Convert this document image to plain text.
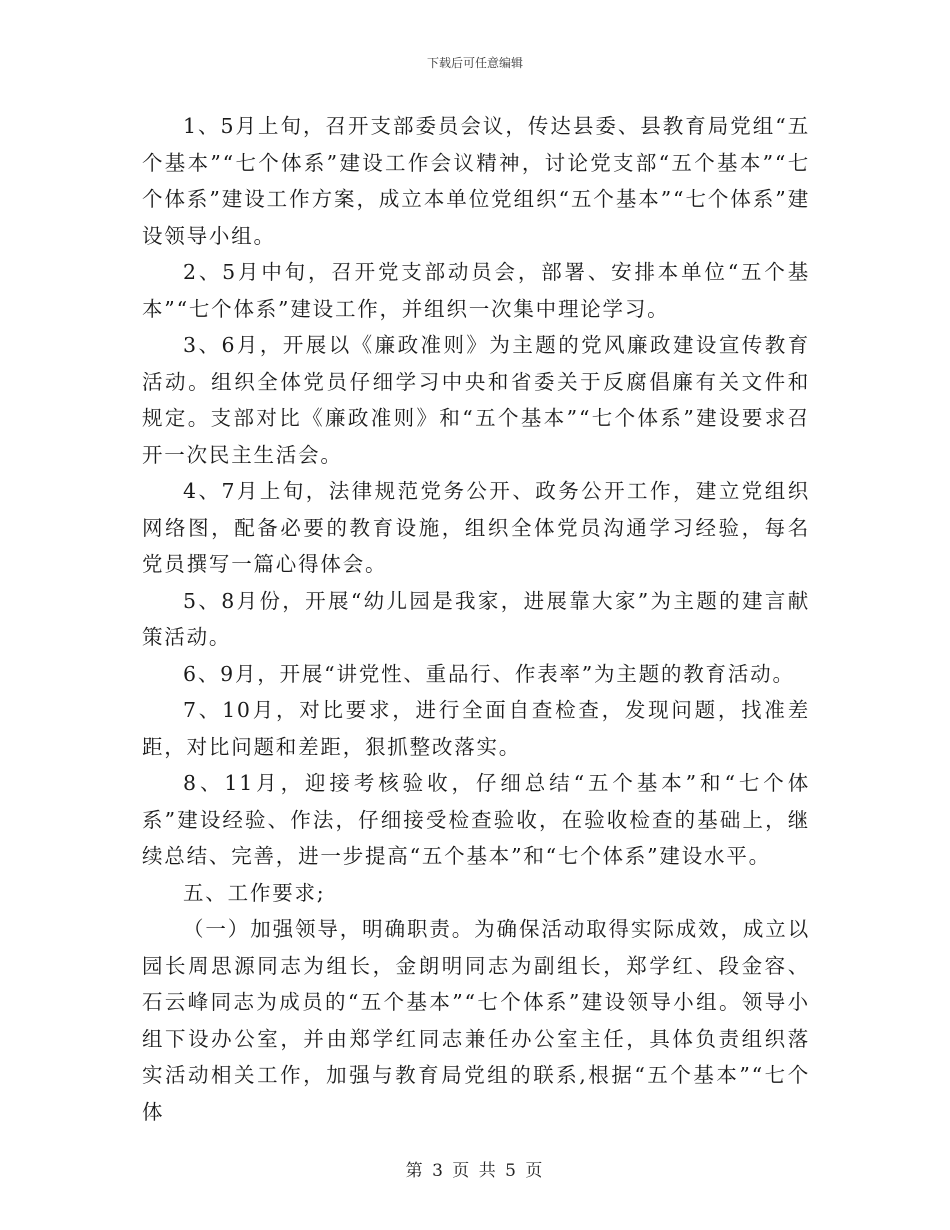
下载后可任意编辑

1、5月上旬，召开支部委员会议，传达县委、县教育局党组“五个基本”“七个体系”建设工作会议精神，讨论党支部“五个基本”“七个体系”建设工作方案，成立本单位党组织“五个基本”“七个体系”建设领导小组。

2、5月中旬，召开党支部动员会，部署、安排本单位“五个基本”“七个体系”建设工作，并组织一次集中理论学习。

3、6月，开展以《廉政准则》为主题的党风廉政建设宣传教育活动。组织全体党员仔细学习中央和省委关于反腐倡廉有关文件和规定。支部对比《廉政准则》和“五个基本”“七个体系”建设要求召开一次民主生活会。

4、7月上旬，法律规范党务公开、政务公开工作，建立党组织网络图，配备必要的教育设施，组织全体党员沟通学习经验，每名党员撰写一篇心得体会。

5、8月份，开展“幼儿园是我家，进展靠大家”为主题的建言献策活动。

6、9月，开展“讲党性、重品行、作表率”为主题的教育活动。

7、10月，对比要求，进行全面自查检查，发现问题，找准差距，对比问题和差距，狠抓整改落实。

8、11月，迎接考核验收，仔细总结“五个基本”和“七个体系”建设经验、作法，仔细接受检查验收，在验收检查的基础上，继续总结、完善，进一步提高“五个基本”和“七个体系”建设水平。

五、工作要求;

（一）加强领导，明确职责。为确保活动取得实际成效，成立以园长周思源同志为组长，金朗明同志为副组长，郑学红、段金容、石云峰同志为成员的“五个基本”“七个体系”建设领导小组。领导小组下设办公室，并由郑学红同志兼任办公室主任，具体负责组织落实活动相关工作，加强与教育局党组的联系,根据“五个基本”“七个体

第 3 页 共 5 页
